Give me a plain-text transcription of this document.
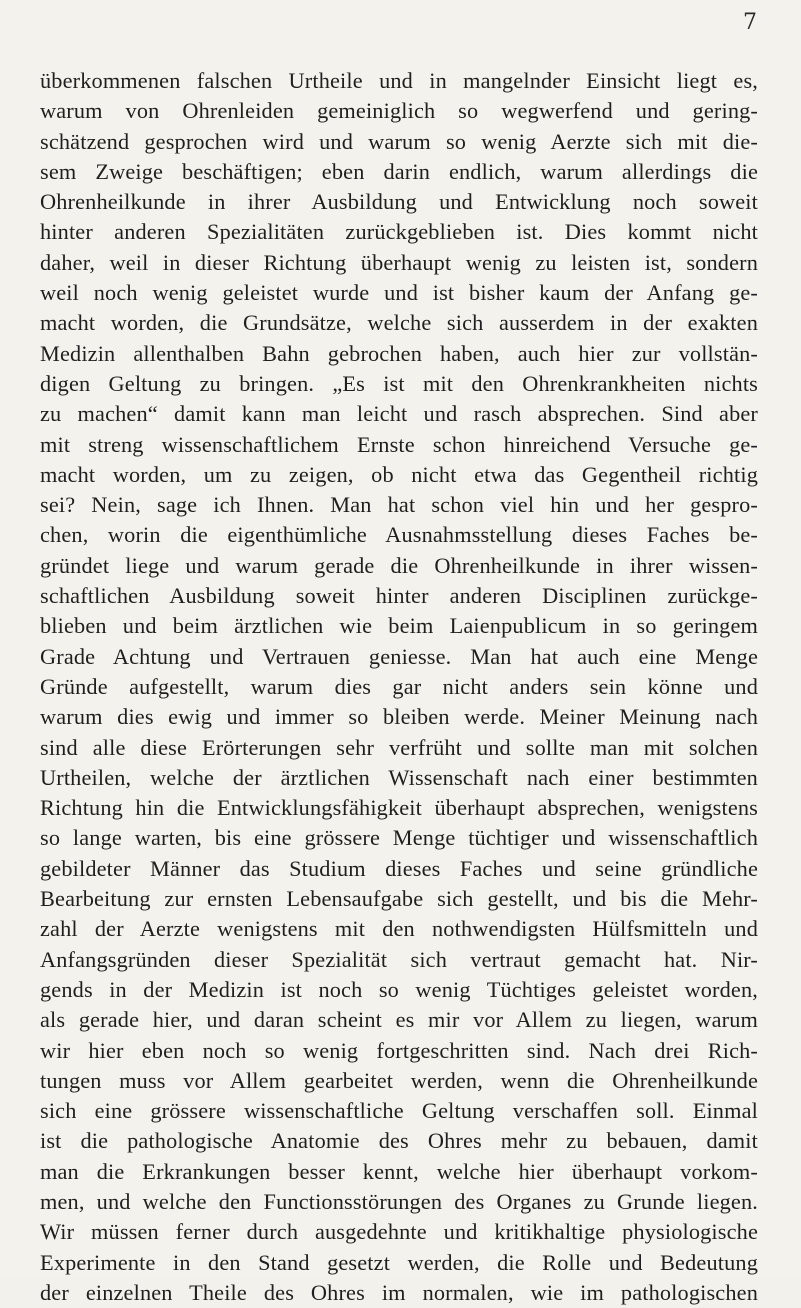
7
überkommenen falschen Urtheile und in mangelnder Einsicht liegt es,
warum von Ohrenleiden gemeiniglich so wegwerfend und gering-
schätzend gesprochen wird und warum so wenig Aerzte sich mit die-
sem Zweige beschäftigen; eben darin endlich, warum allerdings die
Ohrenheilkunde in ihrer Ausbildung und Entwicklung noch soweit
hinter anderen Spezialitäten zurückgeblieben ist. Dies kommt nicht
daher, weil in dieser Richtung überhaupt wenig zu leisten ist, sondern
weil noch wenig geleistet wurde und ist bisher kaum der Anfang ge-
macht worden, die Grundsätze, welche sich ausserdem in der exakten
Medizin allenthalben Bahn gebrochen haben, auch hier zur vollstän-
digen Geltung zu bringen. „Es ist mit den Ohrenkrankheiten nichts
zu machen“ damit kann man leicht und rasch absprechen. Sind aber
mit streng wissenschaftlichem Ernste schon hinreichend Versuche ge-
macht worden, um zu zeigen, ob nicht etwa das Gegentheil richtig
sei? Nein, sage ich Ihnen. Man hat schon viel hin und her gespro-
chen, worin die eigenthümliche Ausnahmsstellung dieses Faches be-
gründet liege und warum gerade die Ohrenheilkunde in ihrer wissen-
schaftlichen Ausbildung soweit hinter anderen Disciplinen zurückge-
blieben und beim ärztlichen wie beim Laienpublicum in so geringem
Grade Achtung und Vertrauen geniesse. Man hat auch eine Menge
Gründe aufgestellt, warum dies gar nicht anders sein könne und
warum dies ewig und immer so bleiben werde. Meiner Meinung nach
sind alle diese Erörterungen sehr verfrüht und sollte man mit solchen
Urtheilen, welche der ärztlichen Wissenschaft nach einer bestimmten
Richtung hin die Entwicklungsfähigkeit überhaupt absprechen, wenigstens
so lange warten, bis eine grössere Menge tüchtiger und wissenschaftlich
gebildeter Männer das Studium dieses Faches und seine gründliche
Bearbeitung zur ernsten Lebensaufgabe sich gestellt, und bis die Mehr-
zahl der Aerzte wenigstens mit den nothwendigsten Hülfsmitteln und
Anfangsgründen dieser Spezialität sich vertraut gemacht hat. Nir-
gends in der Medizin ist noch so wenig Tüchtiges geleistet worden,
als gerade hier, und daran scheint es mir vor Allem zu liegen, warum
wir hier eben noch so wenig fortgeschritten sind. Nach drei Rich-
tungen muss vor Allem gearbeitet werden, wenn die Ohrenheilkunde
sich eine grössere wissenschaftliche Geltung verschaffen soll. Einmal
ist die pathologische Anatomie des Ohres mehr zu bebauen, damit
man die Erkrankungen besser kennt, welche hier überhaupt vorkom-
men, und welche den Functionsstörungen des Organes zu Grunde liegen.
Wir müssen ferner durch ausgedehnte und kritikhaltige physiologische
Experimente in den Stand gesetzt werden, die Rolle und Bedeutung
der einzelnen Theile des Ohres im normalen, wie im pathologischen
